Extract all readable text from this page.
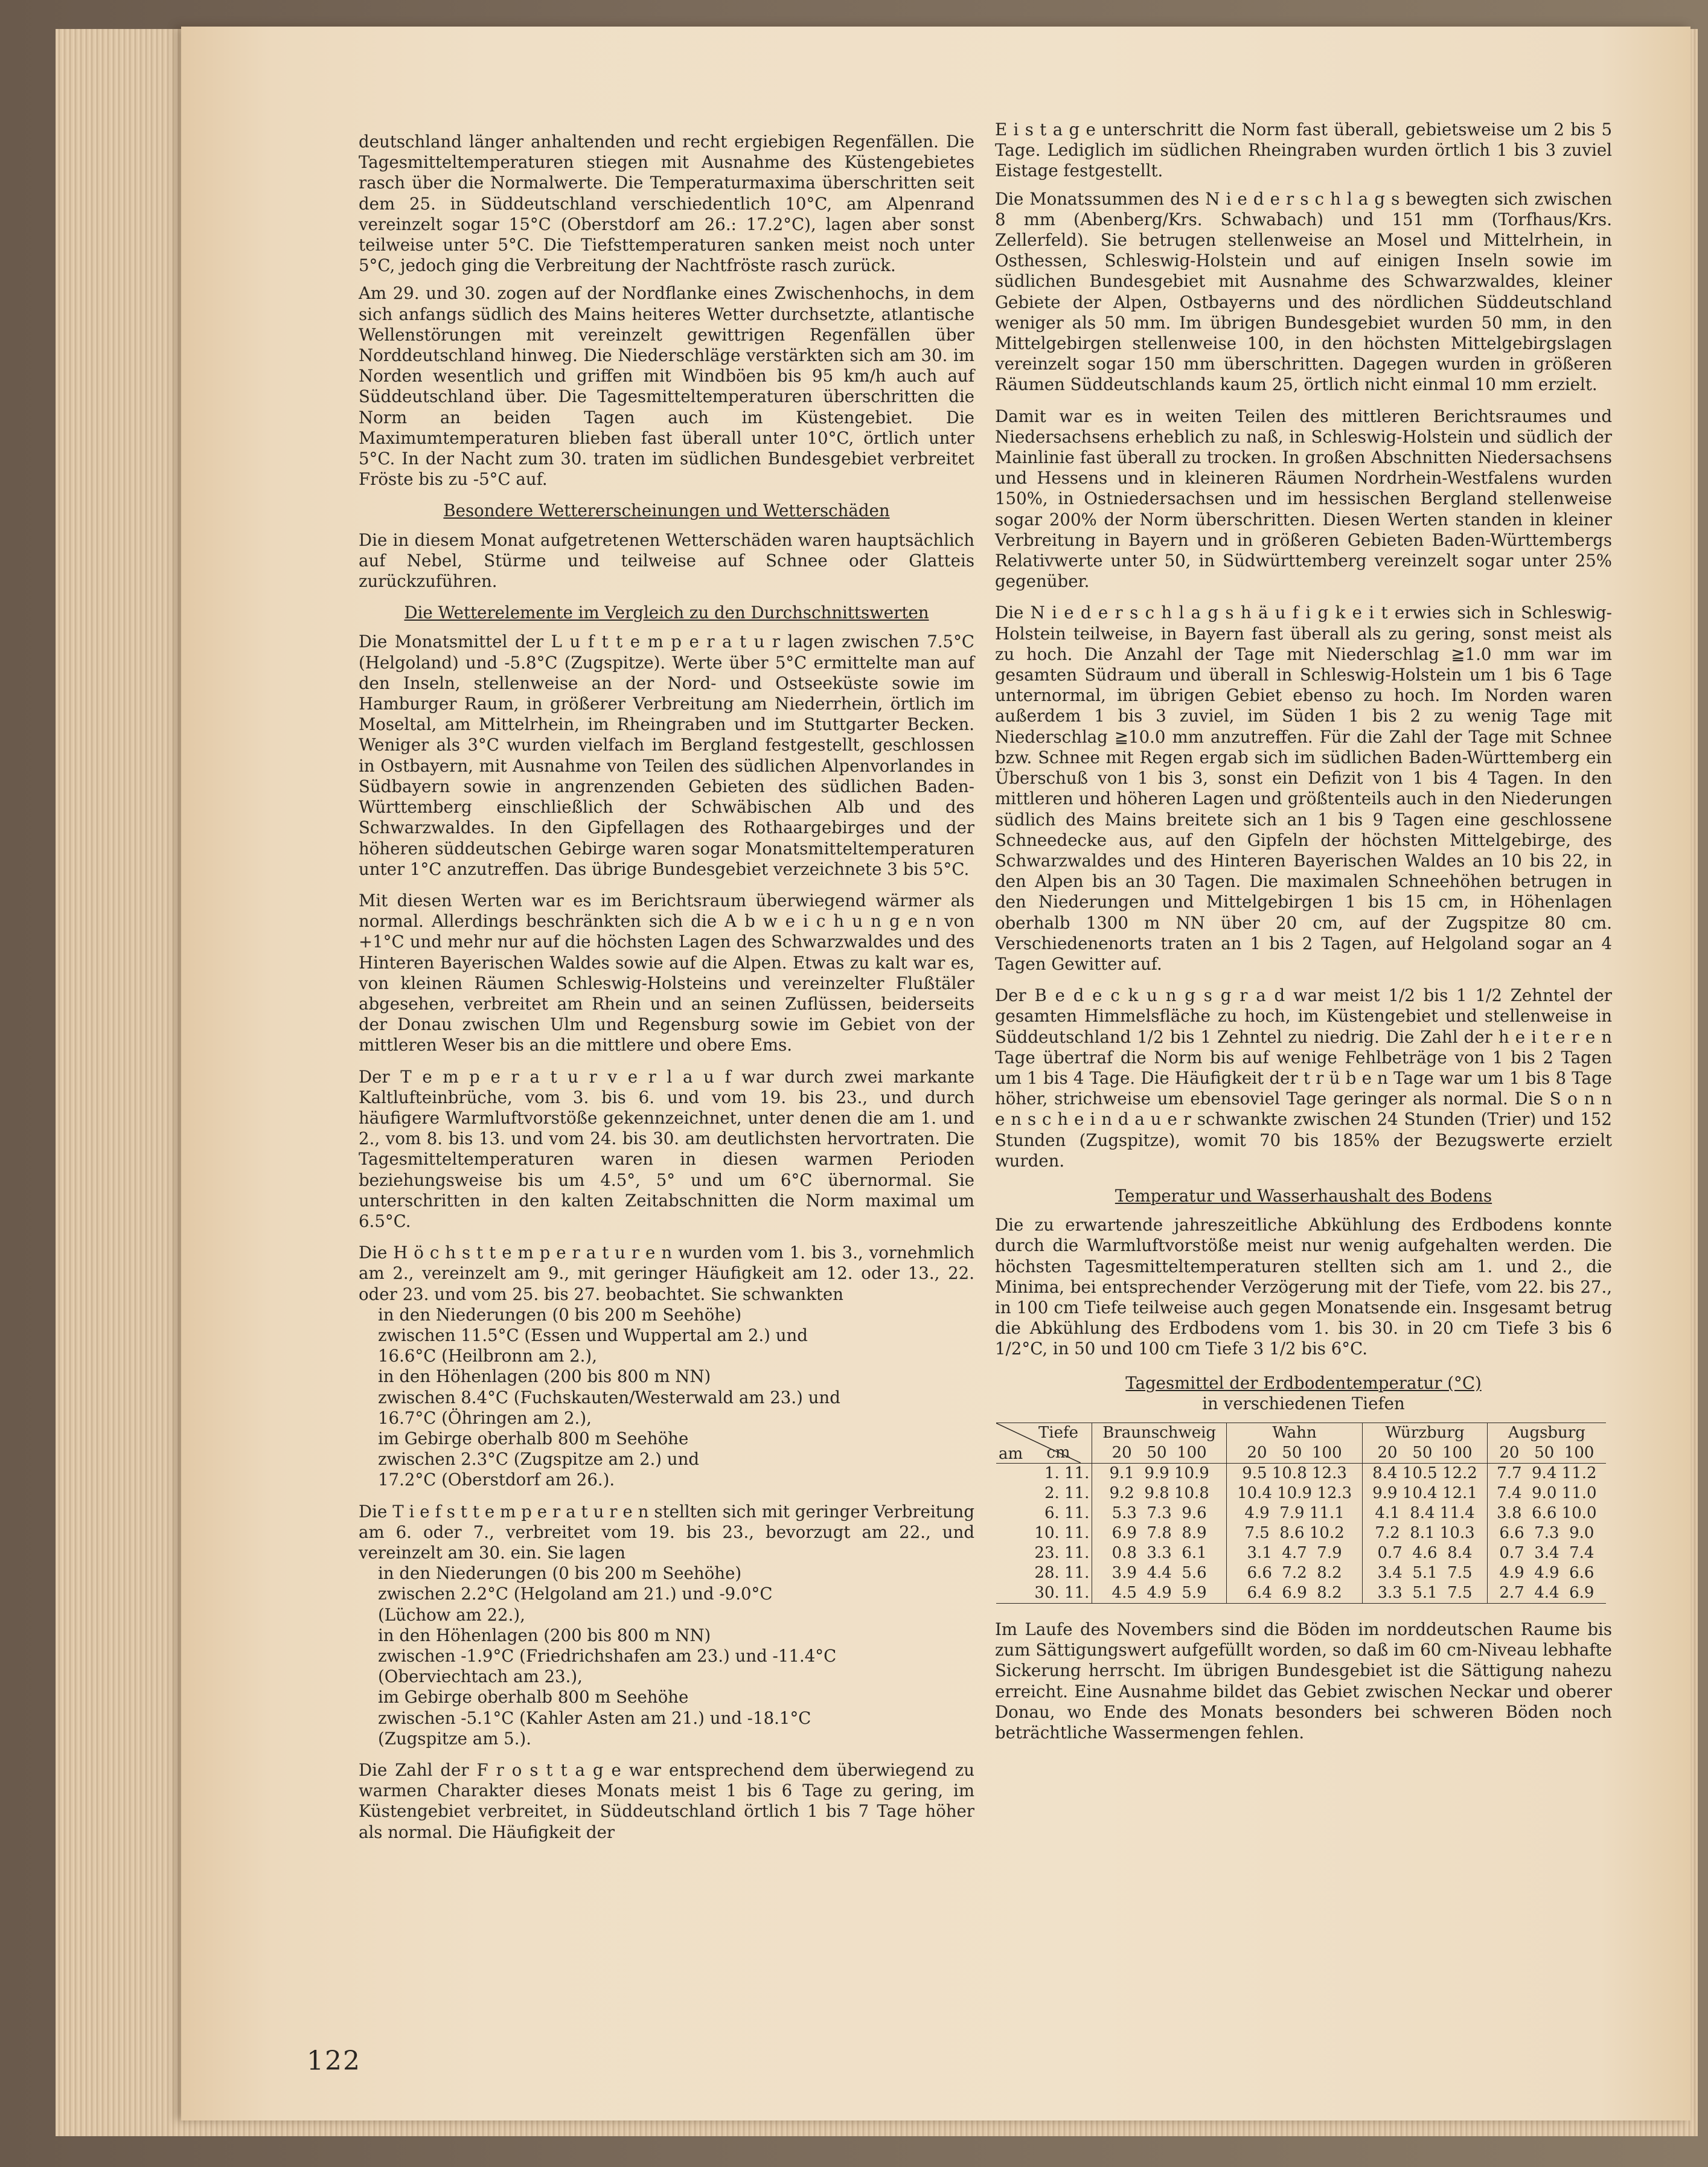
deutschland länger anhaltenden und recht ergiebigen Regenfällen. Die Tagesmitteltemperaturen stiegen mit Ausnahme des Küstengebietes rasch über die Normalwerte. Die Temperaturmaxima überschritten seit dem 25. in Süddeutschland verschiedentlich 10°C, am Alpenrand vereinzelt sogar 15°C (Oberstdorf am 26.: 17.2°C), lagen aber sonst teilweise unter 5°C. Die Tiefsttemperaturen sanken meist noch unter 5°C, jedoch ging die Verbreitung der Nachtfröste rasch zurück.

Am 29. und 30. zogen auf der Nordflanke eines Zwischenhochs, in dem sich anfangs südlich des Mains heiteres Wetter durchsetzte, atlantische Wellenstörungen mit vereinzelt gewittrigen Regenfällen über Norddeutschland hinweg. Die Niederschläge verstärkten sich am 30. im Norden wesentlich und griffen mit Windböen bis 95 km/h auch auf Süddeutschland über. Die Tagesmitteltemperaturen überschritten die Norm an beiden Tagen auch im Küstengebiet. Die Maximumtemperaturen blieben fast überall unter 10°C, örtlich unter 5°C. In der Nacht zum 30. traten im südlichen Bundesgebiet verbreitet Fröste bis zu -5°C auf.

Besondere Wettererscheinungen und Wetterschäden

Die in diesem Monat aufgetretenen Wetterschäden waren hauptsächlich auf Nebel, Stürme und teilweise auf Schnee oder Glatteis zurückzuführen.

Die Wetterelemente im Vergleich zu den Durchschnittswerten

Die Monatsmittel der L u f t t e m p e r a t u r lagen zwischen 7.5°C (Helgoland) und -5.8°C (Zugspitze). Werte über 5°C ermittelte man auf den Inseln, stellenweise an der Nord- und Ostseeküste sowie im Hamburger Raum, in größerer Verbreitung am Niederrhein, örtlich im Moseltal, am Mittelrhein, im Rheingraben und im Stuttgarter Becken. Weniger als 3°C wurden vielfach im Bergland festgestellt, geschlossen in Ostbayern, mit Ausnahme von Teilen des südlichen Alpenvorlandes in Südbayern sowie in angrenzenden Gebieten des südlichen Baden-Württemberg einschließlich der Schwäbischen Alb und des Schwarzwaldes. In den Gipfellagen des Rothaargebirges und der höheren süddeutschen Gebirge waren sogar Monatsmitteltemperaturen unter 1°C anzutreffen. Das übrige Bundesgebiet verzeichnete 3 bis 5°C.

Mit diesen Werten war es im Berichtsraum überwiegend wärmer als normal. Allerdings beschränkten sich die A b w e i c h u n g e n von +1°C und mehr nur auf die höchsten Lagen des Schwarzwaldes und des Hinteren Bayerischen Waldes sowie auf die Alpen. Etwas zu kalt war es, von kleinen Räumen Schleswig-Holsteins und vereinzelter Flußtäler abgesehen, verbreitet am Rhein und an seinen Zuflüssen, beiderseits der Donau zwischen Ulm und Regensburg sowie im Gebiet von der mittleren Weser bis an die mittlere und obere Ems.

Der T e m p e r a t u r v e r l a u f war durch zwei markante Kaltlufteinbrüche, vom 3. bis 6. und vom 19. bis 23., und durch häufigere Warmluftvorstöße gekennzeichnet, unter denen die am 1. und 2., vom 8. bis 13. und vom 24. bis 30. am deutlichsten hervortraten. Die Tagesmitteltemperaturen waren in diesen warmen Perioden beziehungsweise bis um 4.5°, 5° und um 6°C übernormal. Sie unterschritten in den kalten Zeitabschnitten die Norm maximal um 6.5°C.

Die H ö c h s t t e m p e r a t u r e n wurden vom 1. bis 3., vornehmlich am 2., vereinzelt am 9., mit geringer Häufigkeit am 12. oder 13., 22. oder 23. und vom 25. bis 27. beobachtet. Sie schwankten

in den Niederungen (0 bis 200 m Seehöhe)
zwischen 11.5°C (Essen und Wuppertal am 2.) und
16.6°C (Heilbronn am 2.),
in den Höhenlagen (200 bis 800 m NN)
zwischen 8.4°C (Fuchskauten/Westerwald am 23.) und
16.7°C (Öhringen am 2.),
im Gebirge oberhalb 800 m Seehöhe
zwischen 2.3°C (Zugspitze am 2.) und
17.2°C (Oberstdorf am 26.).

Die T i e f s t t e m p e r a t u r e n stellten sich mit geringer Verbreitung am 6. oder 7., verbreitet vom 19. bis 23., bevorzugt am 22., und vereinzelt am 30. ein. Sie lagen

in den Niederungen (0 bis 200 m Seehöhe)
zwischen 2.2°C (Helgoland am 21.) und -9.0°C
(Lüchow am 22.),
in den Höhenlagen (200 bis 800 m NN)
zwischen -1.9°C (Friedrichshafen am 23.) und -11.4°C
(Oberviechtach am 23.),
im Gebirge oberhalb 800 m Seehöhe
zwischen -5.1°C (Kahler Asten am 21.) und -18.1°C
(Zugspitze am 5.).

Die Zahl der F r o s t t a g e war entsprechend dem überwiegend zu warmen Charakter dieses Monats meist 1 bis 6 Tage zu gering, im Küstengebiet verbreitet, in Süddeutschland örtlich 1 bis 7 Tage höher als normal. Die Häufigkeit der

E i s t a g e unterschritt die Norm fast überall, gebietsweise um 2 bis 5 Tage. Lediglich im südlichen Rheingraben wurden örtlich 1 bis 3 zuviel Eistage festgestellt.

Die Monatssummen des N i e d e r s c h l a g s bewegten sich zwischen 8 mm (Abenberg/Krs. Schwabach) und 151 mm (Torfhaus/Krs. Zellerfeld). Sie betrugen stellenweise an Mosel und Mittelrhein, in Osthessen, Schleswig-Holstein und auf einigen Inseln sowie im südlichen Bundesgebiet mit Ausnahme des Schwarzwaldes, kleiner Gebiete der Alpen, Ostbayerns und des nördlichen Süddeutschland weniger als 50 mm. Im übrigen Bundesgebiet wurden 50 mm, in den Mittelgebirgen stellenweise 100, in den höchsten Mittelgebirgslagen vereinzelt sogar 150 mm überschritten. Dagegen wurden in größeren Räumen Süddeutschlands kaum 25, örtlich nicht einmal 10 mm erzielt.

Damit war es in weiten Teilen des mittleren Berichtsraumes und Niedersachsens erheblich zu naß, in Schleswig-Holstein und südlich der Mainlinie fast überall zu trocken. In großen Abschnitten Niedersachsens und Hessens und in kleineren Räumen Nordrhein-Westfalens wurden 150%, in Ostniedersachsen und im hessischen Bergland stellenweise sogar 200% der Norm überschritten. Diesen Werten standen in kleiner Verbreitung in Bayern und in größeren Gebieten Baden-Württembergs Relativwerte unter 50, in Südwürttemberg vereinzelt sogar unter 25% gegenüber.

Die N i e d e r s c h l a g s h ä u f i g k e i t erwies sich in Schleswig-Holstein teilweise, in Bayern fast überall als zu gering, sonst meist als zu hoch. Die Anzahl der Tage mit Niederschlag ≧1.0 mm war im gesamten Südraum und überall in Schleswig-Holstein um 1 bis 6 Tage unternormal, im übrigen Gebiet ebenso zu hoch. Im Norden waren außerdem 1 bis 3 zuviel, im Süden 1 bis 2 zu wenig Tage mit Niederschlag ≧10.0 mm anzutreffen. Für die Zahl der Tage mit Schnee bzw. Schnee mit Regen ergab sich im südlichen Baden-Württemberg ein Überschuß von 1 bis 3, sonst ein Defizit von 1 bis 4 Tagen. In den mittleren und höheren Lagen und größtenteils auch in den Niederungen südlich des Mains breitete sich an 1 bis 9 Tagen eine geschlossene Schneedecke aus, auf den Gipfeln der höchsten Mittelgebirge, des Schwarzwaldes und des Hinteren Bayerischen Waldes an 10 bis 22, in den Alpen bis an 30 Tagen. Die maximalen Schneehöhen betrugen in den Niederungen und Mittelgebirgen 1 bis 15 cm, in Höhenlagen oberhalb 1300 m NN über 20 cm, auf der Zugspitze 80 cm. Verschiedenenorts traten an 1 bis 2 Tagen, auf Helgoland sogar an 4 Tagen Gewitter auf.

Der B e d e c k u n g s g r a d war meist 1/2 bis 1 1/2 Zehntel der gesamten Himmelsfläche zu hoch, im Küstengebiet und stellenweise in Süddeutschland 1/2 bis 1 Zehntel zu niedrig. Die Zahl der h e i t e r e n Tage übertraf die Norm bis auf wenige Fehlbeträge von 1 bis 2 Tagen um 1 bis 4 Tage. Die Häufigkeit der t r ü b e n Tage war um 1 bis 8 Tage höher, strichweise um ebensoviel Tage geringer als normal. Die S o n n e n s c h e i n d a u e r schwankte zwischen 24 Stunden (Trier) und 152 Stunden (Zugspitze), womit 70 bis 185% der Bezugswerte erzielt wurden.

Temperatur und Wasserhaushalt des Bodens

Die zu erwartende jahreszeitliche Abkühlung des Erdbodens konnte durch die Warmluftvorstöße meist nur wenig aufgehalten werden. Die höchsten Tagesmitteltemperaturen stellten sich am 1. und 2., die Minima, bei entsprechender Verzögerung mit der Tiefe, vom 22. bis 27., in 100 cm Tiefe teilweise auch gegen Monatsende ein. Insgesamt betrug die Abkühlung des Erdbodens vom 1. bis 30. in 20 cm Tiefe 3 bis 6 1/2°C, in 50 und 100 cm Tiefe 3 1/2 bis 6°C.

Tagesmittel der Erdbodentemperatur (°C)
in verschiedenen Tiefen
Tiefe
cm
am	Braunschweig	Wahn	Würzburg	Augsburg
	20   50  100	20   50  100	20   50  100	20   50  100
1. 11.	9.1  9.9 10.9	9.5 10.8 12.3	8.4 10.5 12.2	7.7  9.4 11.2
2. 11.	9.2  9.8 10.8	10.4 10.9 12.3	9.9 10.4 12.1	7.4  9.0 11.0
6. 11.	5.3  7.3  9.6	4.9  7.9 11.1	4.1  8.4 11.4	3.8  6.6 10.0
10. 11.	6.9  7.8  8.9	7.5  8.6 10.2	7.2  8.1 10.3	6.6  7.3  9.0
23. 11.	0.8  3.3  6.1	3.1  4.7  7.9	0.7  4.6  8.4	0.7  3.4  7.4
28. 11.	3.9  4.4  5.6	6.6  7.2  8.2	3.4  5.1  7.5	4.9  4.9  6.6
30. 11.	4.5  4.9  5.9	6.4  6.9  8.2	3.3  5.1  7.5	2.7  4.4  6.9

Im Laufe des Novembers sind die Böden im norddeutschen Raume bis zum Sättigungswert aufgefüllt worden, so daß im 60 cm-Niveau lebhafte Sickerung herrscht. Im übrigen Bundesgebiet ist die Sättigung nahezu erreicht. Eine Ausnahme bildet das Gebiet zwischen Neckar und oberer Donau, wo Ende des Monats besonders bei schweren Böden noch beträchtliche Wassermengen fehlen.

122
